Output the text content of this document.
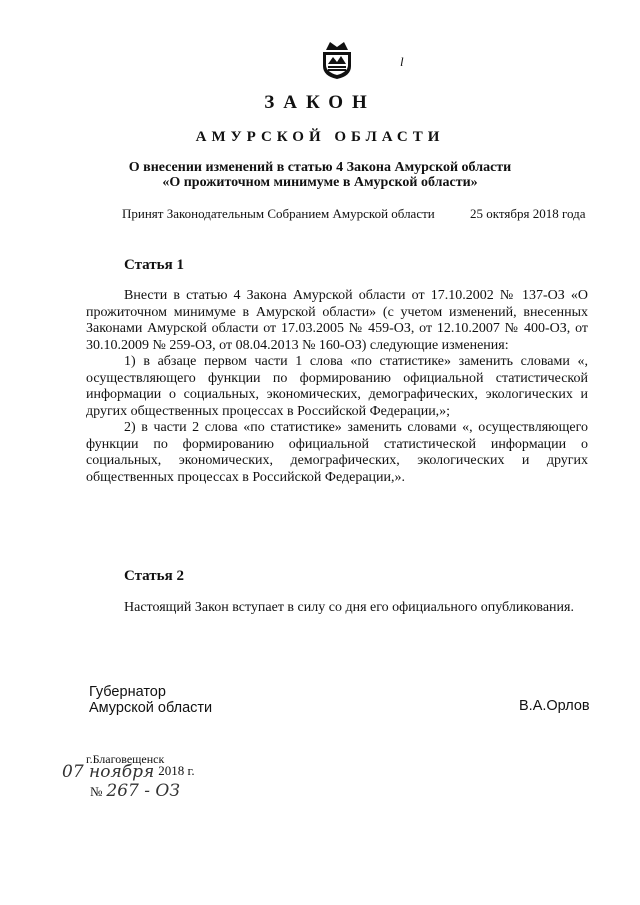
l
ЗАКОН
АМУРСКОЙ ОБЛАСТИ
О внесении изменений в статью 4 Закона Амурской области
«О прожиточном минимуме в Амурской области»
Принят Законодательным Собранием Амурской области	25 октября 2018 года
Статья 1

Внести в статью 4 Закона Амурской области от 17.10.2002 № 137-ОЗ «О прожиточном минимуме в Амурской области» (с учетом изменений, внесенных Законами Амурской области от 17.03.2005 № 459-ОЗ, от 12.10.2007 № 400-ОЗ, от 30.10.2009 № 259-ОЗ, от 08.04.2013 № 160-ОЗ) следующие изменения:

1) в абзаце первом части 1 слова «по статистике» заменить словами «, осуществляющего функции по формированию официальной статистической информации о социальных, экономических, демографических, экологических и других общественных процессах в Российской Федерации,»;

2) в части 2 слова «по статистике» заменить словами «, осуществляющего функции по формированию официальной статистической информации о социальных, экономических, демографических, экологических и других общественных процессах в Российской Федерации,».

Статья 2

Настоящий Закон вступает в силу со дня его официального опубликования.

Губернатор
Амурской области	В.А.Орлов
г.Благовещенск
07 ноября 2018 г.
№ 267 - ОЗ
